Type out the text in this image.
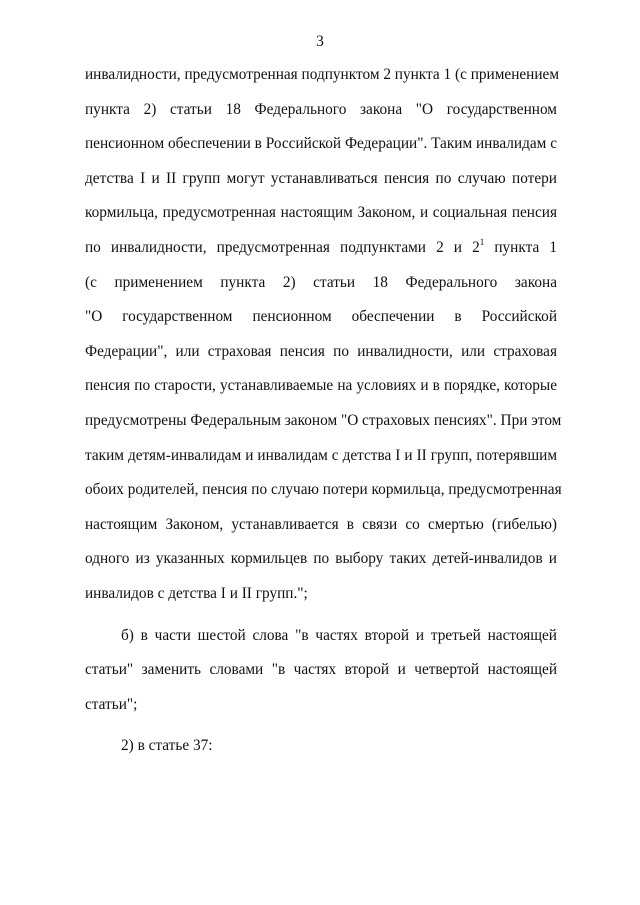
3
инвалидности, предусмотренная подпунктом 2 пункта 1 (с применением
пункта 2) статьи 18 Федерального закона "О государственном
пенсионном обеспечении в Российской Федерации". Таким инвалидам с
детства I и II групп могут устанавливаться пенсия по случаю потери
кормильца, предусмотренная настоящим Законом, и социальная пенсия
по инвалидности, предусмотренная подпунктами 2 и $2^1$ пункта 1
(с применением пункта 2) статьи 18 Федерального закона
"О государственном пенсионном обеспечении в Российской
Федерации", или страховая пенсия по инвалидности, или страховая
пенсия по старости, устанавливаемые на условиях и в порядке, которые
предусмотрены Федеральным законом "О страховых пенсиях". При этом
таким детям-инвалидам и инвалидам с детства I и II групп, потерявшим
обоих родителей, пенсия по случаю потери кормильца, предусмотренная
настоящим Законом, устанавливается в связи со смертью (гибелью)
одного из указанных кормильцев по выбору таких детей-инвалидов и
инвалидов с детства I и II групп.";
б) в части шестой слова "в частях второй и третьей настоящей
статьи" заменить словами "в частях второй и четвертой настоящей
статьи";
2) в статье 37:
